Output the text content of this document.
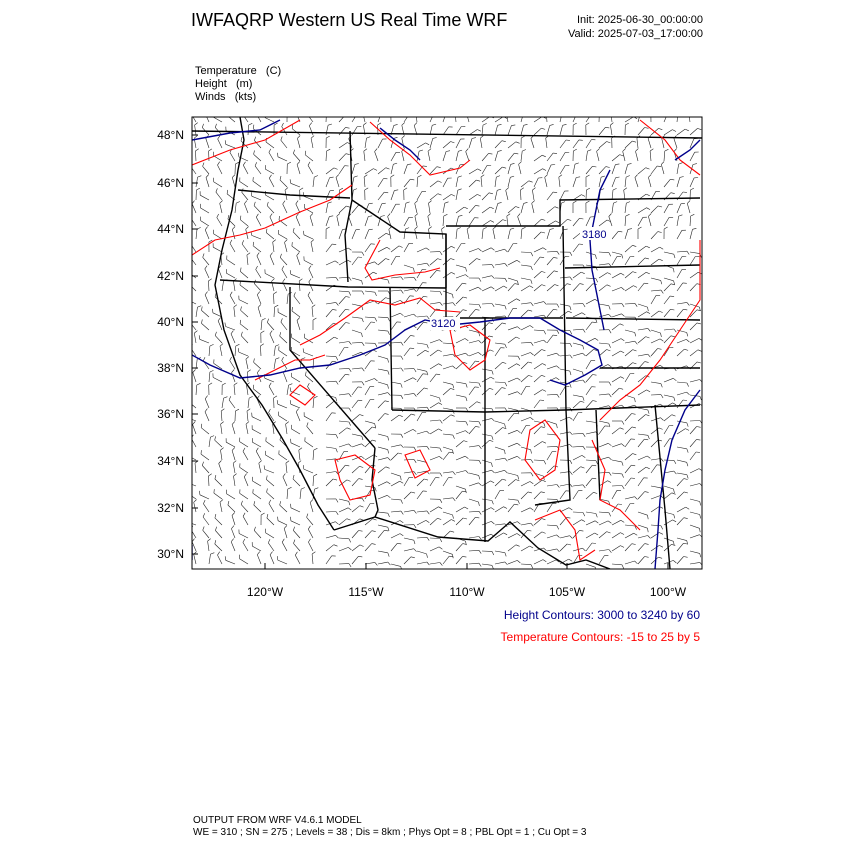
IWFAQRP Western US Real Time WRF	Init: 2025-06-30_00:00:00
Valid: 2025-07-03_17:00:00
Temperature   (C)
Height   (m)
Winds   (kts)
3180
3120
48°N
46°N
44°N
42°N
40°N
38°N
36°N
34°N
32°N
30°N
120°W	115°W	110°W	105°W	100°W
Height Contours: 3000 to 3240 by 60
Temperature Contours: -15 to 25 by 5
OUTPUT FROM WRF V4.6.1 MODEL
WE = 310 ; SN = 275 ; Levels = 38 ; Dis = 8km ; Phys Opt = 8 ; PBL Opt = 1 ; Cu Opt = 3
